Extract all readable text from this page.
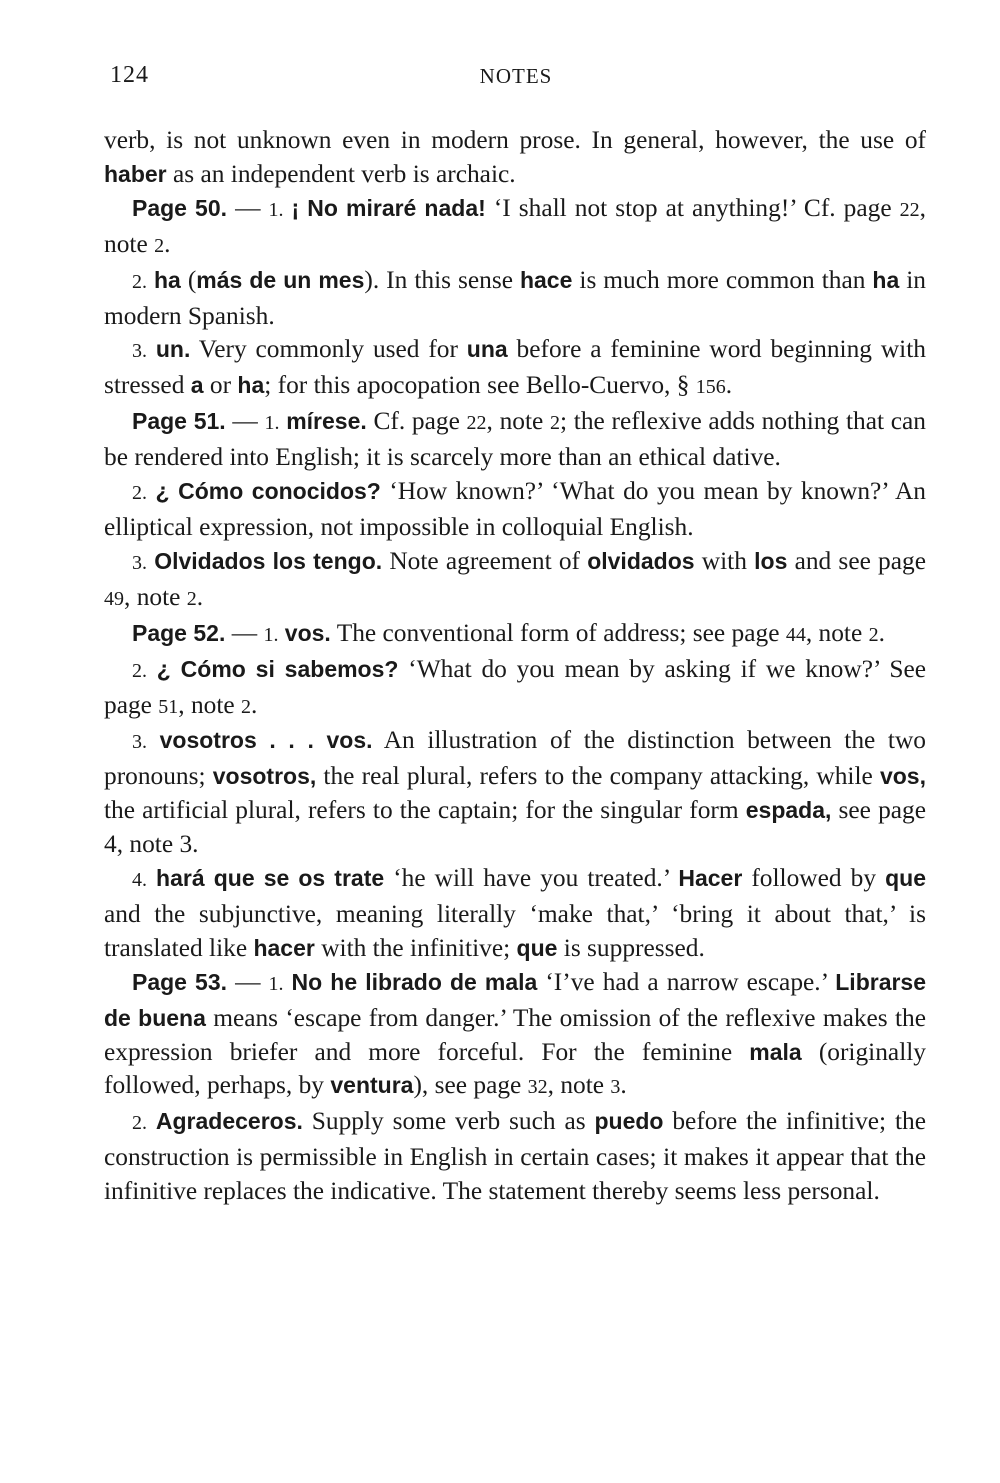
124	NOTES

verb, is not unknown even in modern prose. In general, however, the use of haber as an independent verb is archaic.

Page 50. — 1. ¡ No miraré nada! ‘I shall not stop at anything!’ Cf. page 22, note 2.

2. ha (más de un mes). In this sense hace is much more common than ha in modern Spanish.

3. un. Very commonly used for una before a feminine word beginning with stressed a or ha; for this apocopation see Bello-Cuervo, § 156.

Page 51. — 1. míresе. Cf. page 22, note 2; the reflexive adds nothing that can be rendered into English; it is scarcely more than an ethical dative.

2. ¿ Cómo conocidos? ‘How known?’ ‘What do you mean by known?’ An elliptical expression, not impossible in colloquial English.

3. Olvidados los tengo. Note agreement of olvidados with los and see page 49, note 2.

Page 52. — 1. vos. The conventional form of address; see page 44, note 2.

2. ¿ Cómo si sabemos? ‘What do you mean by asking if we know?’ See page 51, note 2.

3. vosotros . . . vos. An illustration of the distinction between the two pronouns; vosotros, the real plural, refers to the company attacking, while vos, the artificial plural, refers to the captain; for the singular form espada, see page 4, note 3.

4. hará que se os trate ‘he will have you treated.’ Hacer followed by que and the subjunctive, meaning literally ‘make that,’ ‘bring it about that,’ is translated like hacer with the infinitive; que is suppressed.

Page 53. — 1. No he librado de mala ‘I’ve had a narrow escape.’ Librarse de buena means ‘escape from danger.’ The omission of the reflexive makes the expression briefer and more forceful. For the feminine mala (originally followed, perhaps, by ventura), see page 32, note 3.

2. Agradeceros. Supply some verb such as puedo before the infinitive; the construction is permissible in English in certain cases; it makes it appear that the infinitive replaces the indicative. The statement thereby seems less personal.
